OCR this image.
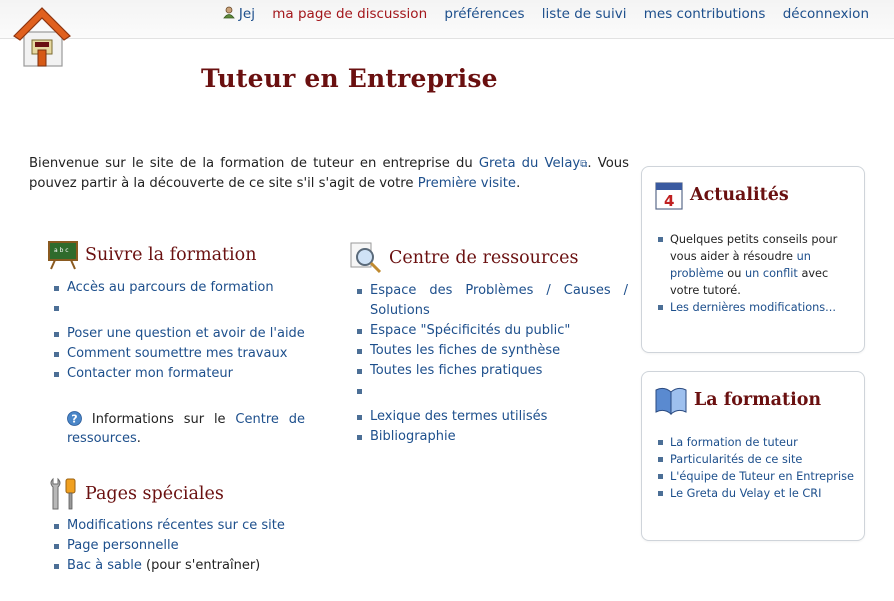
Jej ma page de discussion préférences liste de suivi mes contributions déconnexion
Tuteur en Entreprise
Bienvenue sur le site de la formation de tuteur en entreprise du Greta du Velay⧉. Vous pouvez partir à la découverte de ce site s'il s'agit de votre Première visite.
a b c Suivre la formation
Accès au parcours de formation
Poser une question et avoir de l'aide
Comment soumettre mes travaux
Contacter mon formateur
? Informations sur le Centre de ressources.
Centre de ressources
Espace des Problèmes / Causes / Solutions
Espace "Spécificités du public"
Toutes les fiches de synthèse
Toutes les fiches pratiques
Lexique des termes utilisés
Bibliographie
Pages spéciales
Modifications récentes sur ce site
Page personnelle
Bac à sable (pour s'entraîner)
4 Actualités
Quelques petits conseils pour vous aider à résoudre un problème ou un conflit avec votre tutoré.
Les dernières modifications...
La formation
La formation de tuteur
Particularités de ce site
L'équipe de Tuteur en Entreprise
Le Greta du Velay et le CRI
